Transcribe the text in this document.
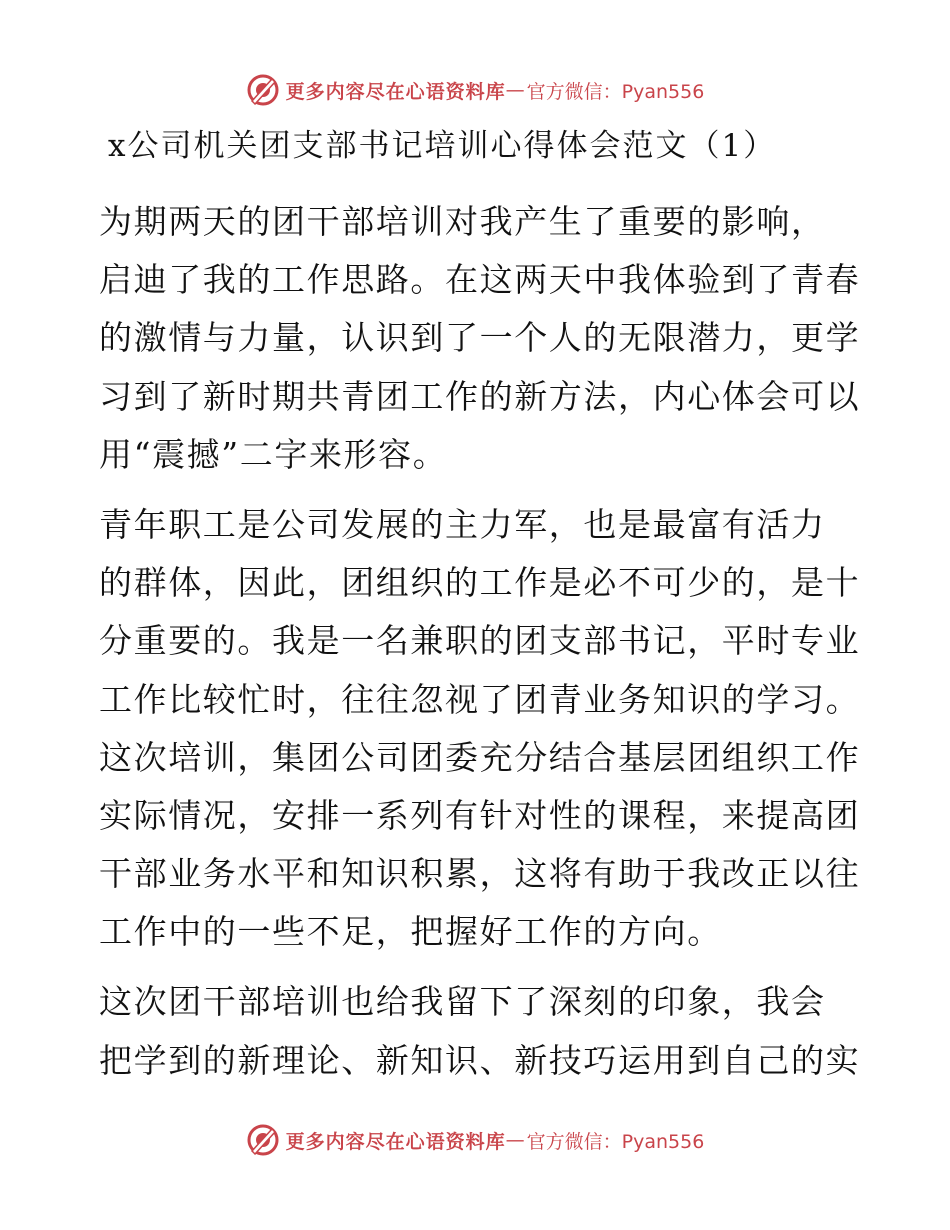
更多内容尽在心语资料库 — 官方微信：Pyan556
x公司机关团支部书记培训心得体会范文（1）
为期两天的团干部培训对我产生了重要的影响，
启迪了我的工作思路。在这两天中我体验到了青春
的激情与力量，认识到了一个人的无限潜力，更学
习到了新时期共青团工作的新方法，内心体会可以
用“震撼”二字来形容。
青年职工是公司发展的主力军，也是最富有活力
的群体，因此，团组织的工作是必不可少的，是十
分重要的。我是一名兼职的团支部书记，平时专业
工作比较忙时，往往忽视了团青业务知识的学习。
这次培训，集团公司团委充分结合基层团组织工作
实际情况，安排一系列有针对性的课程，来提高团
干部业务水平和知识积累，这将有助于我改正以往
工作中的一些不足，把握好工作的方向。
这次团干部培训也给我留下了深刻的印象，我会
把学到的新理论、新知识、新技巧运用到自己的实
更多内容尽在心语资料库 — 官方微信：Pyan556
